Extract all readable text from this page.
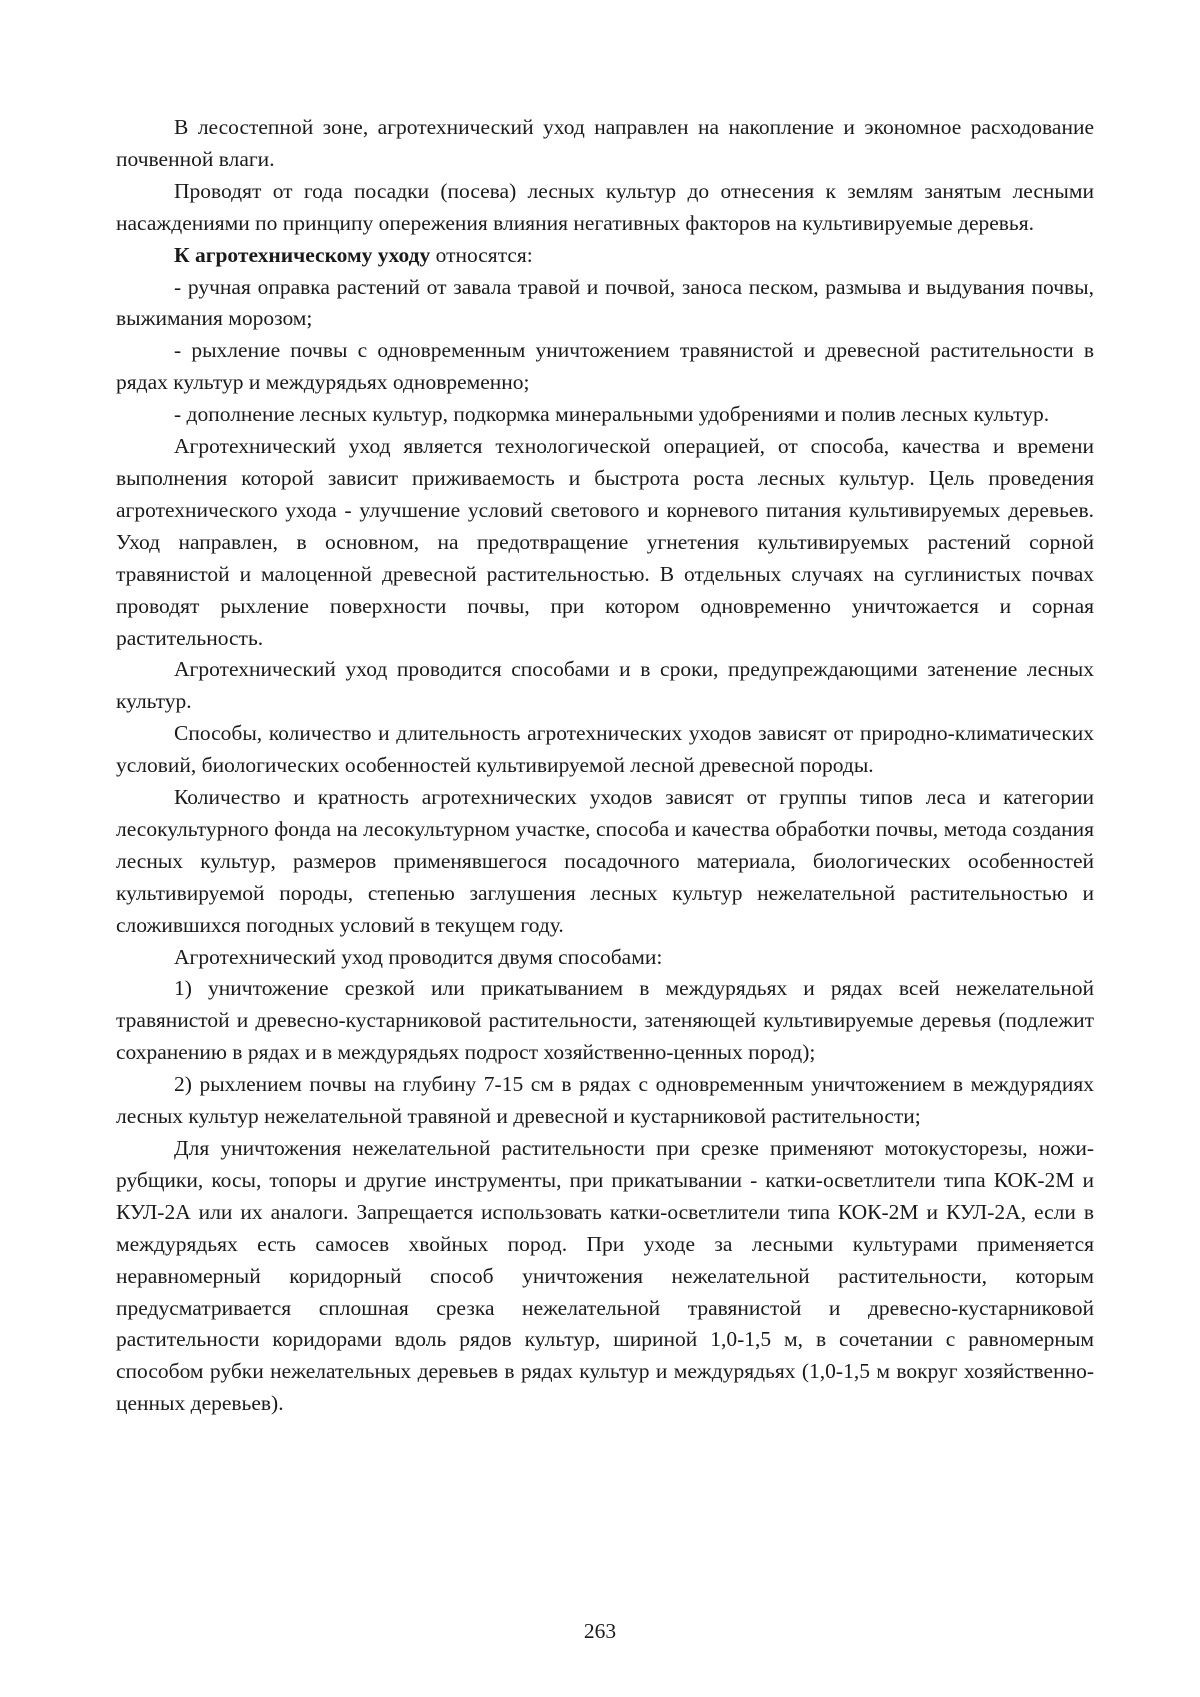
В лесостепной зоне, агротехнический уход направлен на накопление и экономное расходование почвенной влаги.

Проводят от года посадки (посева) лесных культур до отнесения к землям занятым лесными насаждениями по принципу опережения влияния негативных факторов на культивируемые деревья.

К агротехническому уходу относятся:

- ручная оправка растений от завала травой и почвой, заноса песком, размыва и выдувания почвы, выжимания морозом;

- рыхление почвы с одновременным уничтожением травянистой и древесной растительности в рядах культур и междурядьях одновременно;

- дополнение лесных культур, подкормка минеральными удобрениями и полив лесных культур.

Агротехнический уход является технологической операцией, от способа, качества и времени выполнения которой зависит приживаемость и быстрота роста лесных культур. Цель проведения агротехнического ухода - улучшение условий светового и корневого питания культивируемых деревьев. Уход направлен, в основном, на предотвращение угнетения культивируемых растений сорной травянистой и малоценной древесной растительностью. В отдельных случаях на суглинистых почвах проводят рыхление поверхности почвы, при котором одновременно уничтожается и сорная растительность.

Агротехнический уход проводится способами и в сроки, предупреждающими затенение лесных культур.

Способы, количество и длительность агротехнических уходов зависят от природно-климатических условий, биологических особенностей культивируемой лесной древесной породы.

Количество и кратность агротехнических уходов зависят от группы типов леса и категории лесокультурного фонда на лесокультурном участке, способа и качества обработки почвы, метода создания лесных культур, размеров применявшегося посадочного материала, биологических особенностей культивируемой породы, степенью заглушения лесных культур нежелательной растительностью и сложившихся погодных условий в текущем году.

Агротехнический уход проводится двумя способами:

1) уничтожение срезкой или прикатыванием в междурядьях и рядах всей нежелательной травянистой и древесно-кустарниковой растительности, затеняющей культивируемые деревья (подлежит сохранению в рядах и в междурядьях подрост хозяйственно-ценных пород);

2) рыхлением почвы на глубину 7-15 см в рядах с одновременным уничтожением в междурядиях лесных культур нежелательной травяной и древесной и кустарниковой растительности;

Для уничтожения нежелательной растительности при срезке применяют мотокусторезы, ножи-рубщики, косы, топоры и другие инструменты, при прикатывании - катки-осветлители типа КОК-2М и КУЛ-2А или их аналоги. Запрещается использовать катки-осветлители типа КОК-2М и КУЛ-2А, если в междурядьях есть самосев хвойных пород. При уходе за лесными культурами применяется неравномерный коридорный способ уничтожения нежелательной растительности, которым предусматривается сплошная срезка нежелательной травянистой и древесно-кустарниковой растительности коридорами вдоль рядов культур, шириной 1,0-1,5 м, в сочетании с равномерным способом рубки нежелательных деревьев в рядах культур и междурядьях (1,0-1,5 м вокруг хозяйственно-ценных деревьев).

263
